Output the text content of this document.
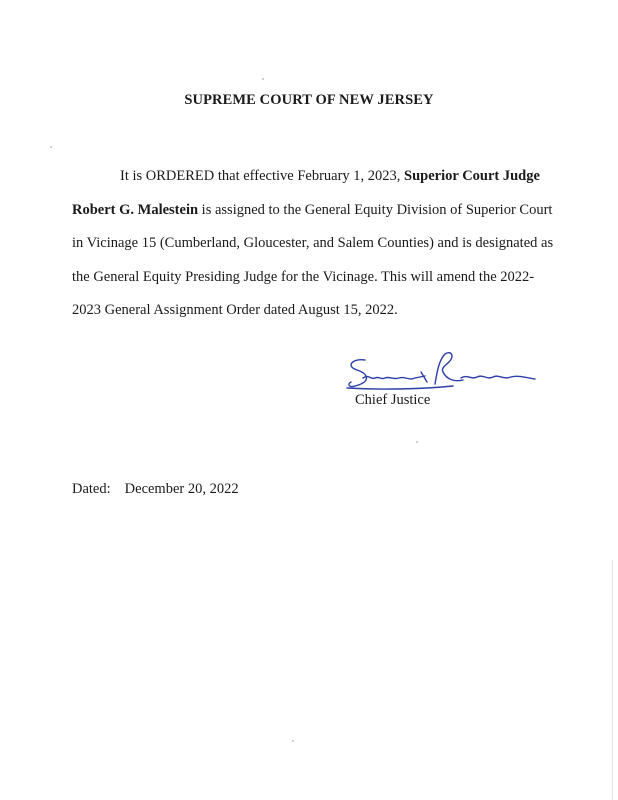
SUPREME COURT OF NEW JERSEY
It is ORDERED that effective February 1, 2023, Superior Court Judge
Robert G. Malestein is assigned to the General Equity Division of Superior Court
in Vicinage 15 (Cumberland, Gloucester, and Salem Counties) and is designated as
the General Equity Presiding Judge for the Vicinage. This will amend the 2022-
2023 General Assignment Order dated August 15, 2022.
Chief Justice
Dated: December 20, 2022
